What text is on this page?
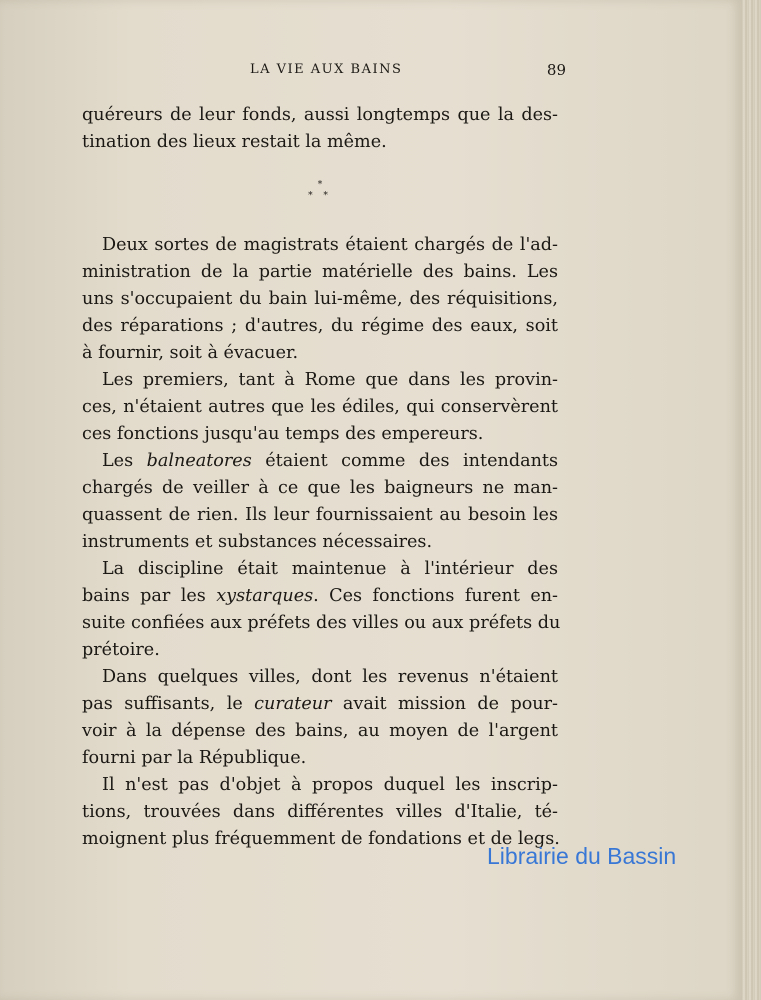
LA VIE AUX BAINS	89
quéreurs de leur fonds, aussi longtemps que la des-
tination des lieux restait la même.
*
* *
Deux sortes de magistrats étaient chargés de l'ad-
ministration de la partie matérielle des bains. Les
uns s'occupaient du bain lui-même, des réquisitions,
des réparations ; d'autres, du régime des eaux, soit
à fournir, soit à évacuer.
Les premiers, tant à Rome que dans les provin-
ces, n'étaient autres que les édiles, qui conservèrent
ces fonctions jusqu'au temps des empereurs.
Les balneatores étaient comme des intendants
chargés de veiller à ce que les baigneurs ne man-
quassent de rien. Ils leur fournissaient au besoin les
instruments et substances nécessaires.
La discipline était maintenue à l'intérieur des
bains par les xystarques. Ces fonctions furent en-
suite confiées aux préfets des villes ou aux préfets du
prétoire.
Dans quelques villes, dont les revenus n'étaient
pas suffisants, le curateur avait mission de pour-
voir à la dépense des bains, au moyen de l'argent
fourni par la République.
Il n'est pas d'objet à propos duquel les inscrip-
tions, trouvées dans différentes villes d'Italie, té-
moignent plus fréquemment de fondations et de legs.
Librairie du Bassin
